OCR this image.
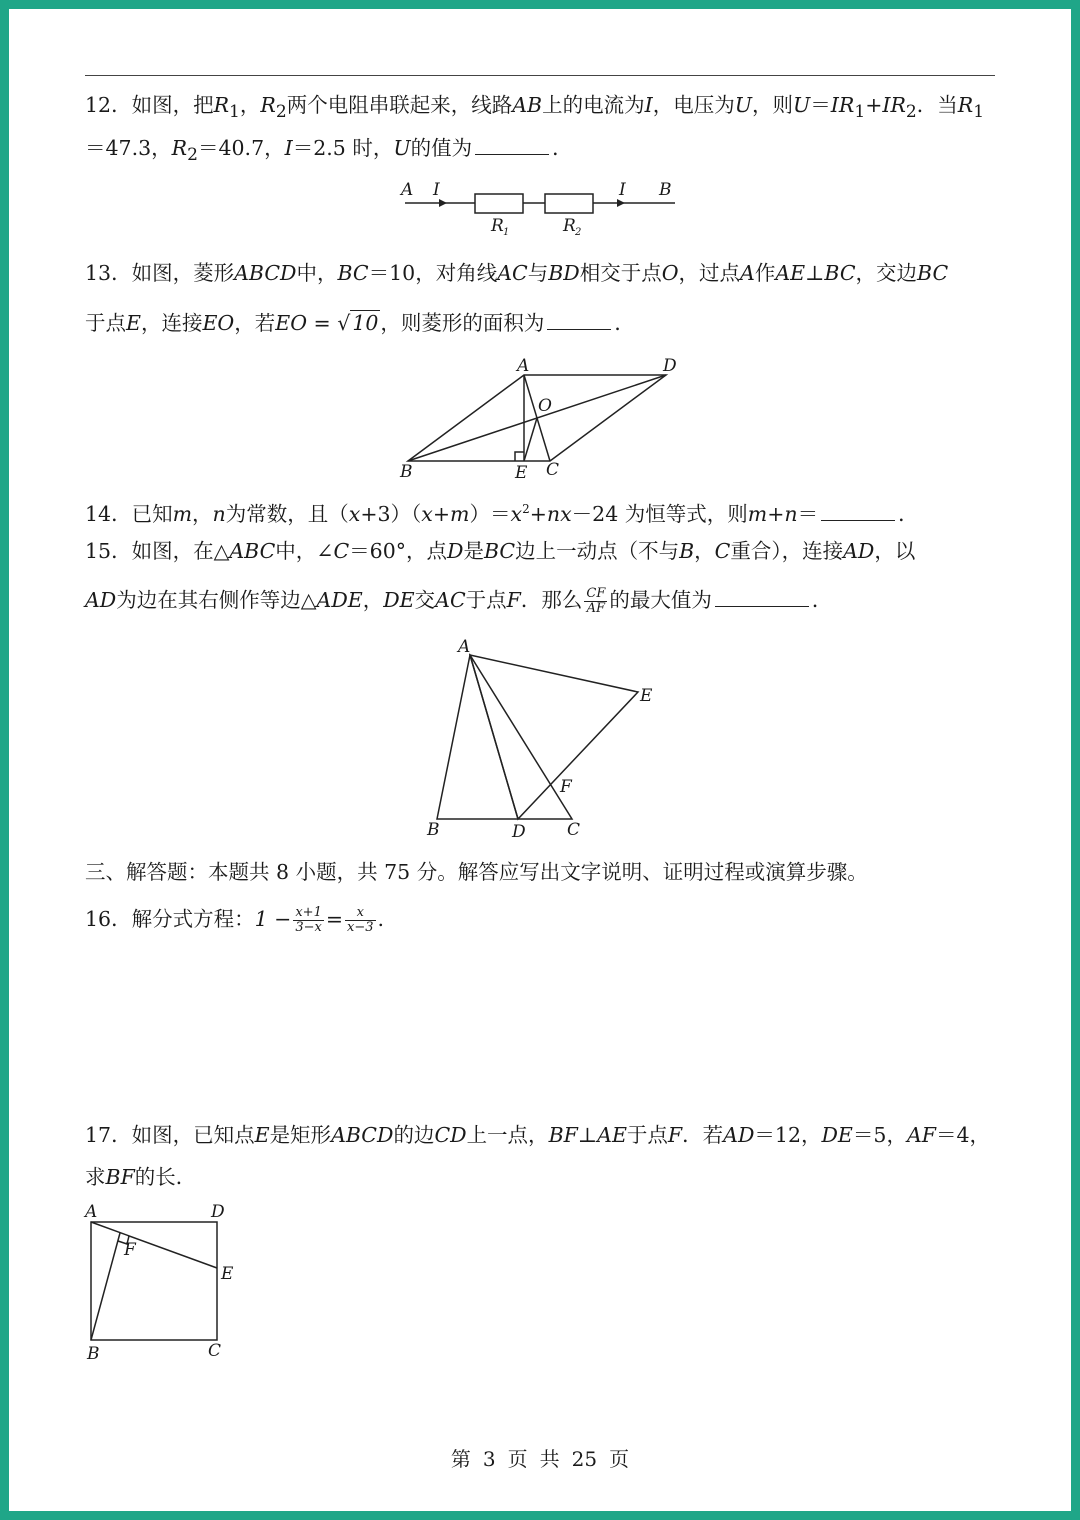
12．如图，把$R_1$，$R_2$两个电阻串联起来，线路AB上的电流为I，电压为U，则$U=IR_1+IR_2$．当$R_1$
＝47.3，$R_2=40.7$，I＝2.5 时，U的值为	．
A I	I B
R 1	R 2
13．如图，菱形ABCD中，BC＝10，对角线AC与BD相交于点O，过点A作AE⊥BC，交边BC
于点E，连接EO，若EO = √10，则菱形的面积为	．
A	D
O
B	E C
14．已知m，n为常数，且$(x+3)(x+m)=x^2+nx-24$ 为恒等式，则m+n＝	．
15．如图，在△ABC中，∠C＝60°，点D是BC边上一动点（不与B，C重合），连接AD，以
AD为边在其右侧作等边△ADE，DE交AC于点F．那么 $\frac{CF}{AF}$ 的最大值为	．
A
E
F
B	D C
三、解答题：本题共 8 小题，共 75 分。解答应写出文字说明、证明过程或演算步骤。
16．解分式方程：$1 - \frac{x+1}{3-x} = \frac{x}{x-3}$ .
17．如图，已知点E是矩形ABCD的边CD上一点，BF⊥AE于点F．若AD＝12，DE＝5，AF＝4，
求BF的长．
A	D
F
E
B	C
第 3 页 共 25 页
